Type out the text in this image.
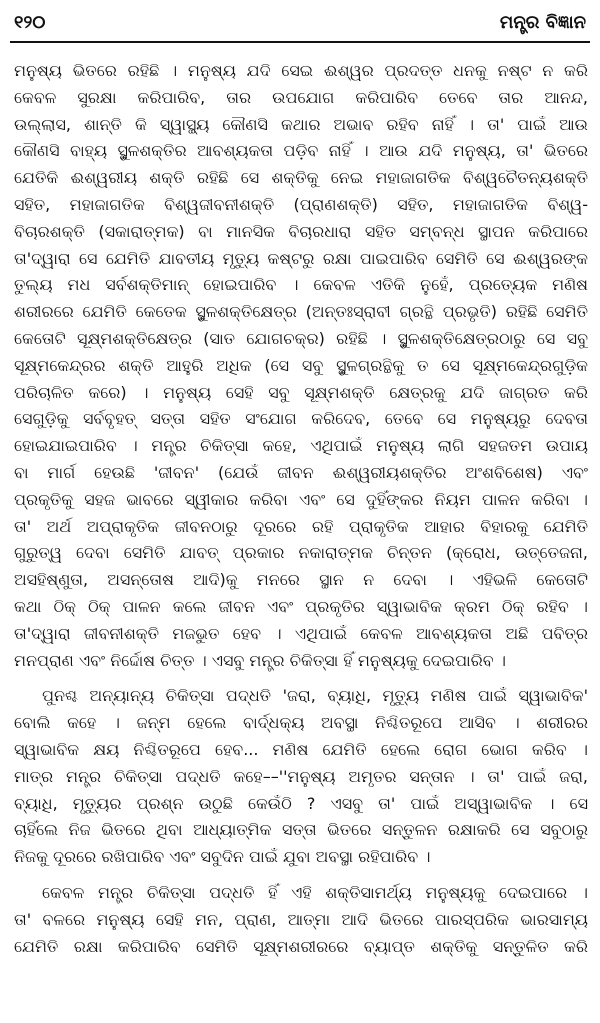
୧୨୦	ମନ୍ତ୍ର ବିଜ୍ଞାନ
ମନୁଷ୍ୟ ଭିତରେ ରହିଛି । ମନୁଷ୍ୟ ଯଦି ସେଇ ଈଶ୍ୱର ପ୍ରଦତ୍ତ ଧନକୁ ନଷ୍ଟ ନ କରି
କେବଳ ସୁରକ୍ଷା କରିପାରିବ, ତାର ଉପଯୋଗ କରିପାରିବ ତେବେ ତାର ଆନନ୍ଦ,
ଉଲ୍ଲାସ, ଶାନ୍ତି କି ସ୍ୱାସ୍ଥ୍ୟ କୌଣସି କଥାର ଅଭାବ ରହିବ ନାହିଁ । ତା' ପାଇଁ ଆଉ
କୌଣସି ବାହ୍ୟ ସ୍ଥୁଳଶକ୍ତିର ଆବଶ୍ୟକତା ପଡ଼ିବ ନାହିଁ । ଆଉ ଯଦି ମନୁଷ୍ୟ, ତା' ଭିତରେ
ଯେତିକି ଈଶ୍ୱରୀୟ ଶକ୍ତି ରହିଛି ସେ ଶକ୍ତିକୁ ନେଇ ମହାଜାଗତିକ ବିଶ୍ୱଚୈତନ୍ୟଶକ୍ତି
ସହିତ, ମହାଜାଗତିକ ବିଶ୍ୱଜୀବନୀଶକ୍ତି (ପ୍ରାଣଶକ୍ତି) ସହିତ, ମହାଜାଗତିକ ବିଶ୍ୱ-
ବିଚାରଶକ୍ତି (ସକାରାତ୍ମକ) ବା ମାନସିକ ବିଚାରଧାରା ସହିତ ସମ୍ବନ୍ଧ ସ୍ଥାପନ କରିପାରେ
ତା'ଦ୍ୱାରା ସେ ଯେମିତି ଯାବତୀୟ ମୃତ୍ୟୁ କଷ୍ଟରୁ ରକ୍ଷା ପାଇପାରିବ ସେମିତି ସେ ଈଶ୍ୱରଙ୍କ
ତୁଲ୍ୟ ମଧ ସର୍ବଶକ୍ତିମାନ୍ ହୋଇପାରିବ । କେବଳ ଏତିକି ନୁହେଁ, ପ୍ରତ୍ୟେକ ମଣିଷ
ଶରୀରରେ ଯେମିତି କେତେକ ସ୍ଥୁଳଶକ୍ତିକ୍ଷେତ୍ର (ଅନ୍ତଃସ୍ରାବୀ ଗ୍ରନ୍ଥି ପ୍ରଭୃତି) ରହିଛି ସେମିତି
କେତୋଟି ସୂକ୍ଷ୍ମଶକ୍ତିକ୍ଷେତ୍ର (ସାତ ଯୋଗଚକ୍ର) ରହିଛି । ସ୍ଥୁଳଶକ୍ତିକ୍ଷେତ୍ରଠାରୁ ସେ ସବୁ
ସୂକ୍ଷ୍ମକେନ୍ଦ୍ରର ଶକ୍ତି ଆହୁରି ଅଧିକ (ସେ ସବୁ ସ୍ଥୁଳଗ୍ରନ୍ଥିକୁ ତ ସେ ସୂକ୍ଷ୍ମକେନ୍ଦ୍ରଗୁଡ଼ିକ
ପରିଚାଳିତ କରେ) । ମନୁଷ୍ୟ ସେହି ସବୁ ସୂକ୍ଷ୍ମଶକ୍ତି କ୍ଷେତ୍ରକୁ ଯଦି ଜାଗ୍ରତ କରି
ସେଗୁଡ଼ିକୁ ସର୍ବବୃହତ୍ ସତ୍ତା ସହିତ ସଂଯୋଗ କରିଦେବ, ତେବେ ସେ ମନୁଷ୍ୟରୁ ଦେବତା
ହୋଇଯାଇପାରିବ । ମନ୍ତ୍ର ଚିକିତ୍ସା କହେ, ଏଥିପାଇଁ ମନୁଷ୍ୟ ଲାଗି ସହଜତମ ଉପାୟ
ବା ମାର୍ଗ ହେଉଛି 'ଜୀବନ' (ଯେଉଁ ଜୀବନ ଈଶ୍ୱରୀୟଶକ୍ତିର ଅଂଶବିଶେଷ) ଏବଂ
ପ୍ରକୃତିକୁ ସହଜ ଭାବରେ ସ୍ୱୀକାର କରିବା ଏବଂ ସେ ଦୁହିଁଙ୍କର ନିୟମ ପାଳନ କରିବା ।
ତା' ଅର୍ଥ ଅପ୍ରାକୃତିକ ଜୀବନଠାରୁ ଦୂରରେ ରହି ପ୍ରାକୃତିକ ଆହାର ବିହାରକୁ ଯେମିତି
ଗୁରୁତ୍ୱ ଦେବା ସେମିତି ଯାବତ୍ ପ୍ରକାର ନକାରାତ୍ମକ ଚିନ୍ତନ (କ୍ରୋଧ, ଉତ୍ତେଜନା,
ଅସହିଷ୍ଣୁତା, ଅସନ୍ତୋଷ ଆଦି)କୁ ମନରେ ସ୍ଥାନ ନ ଦେବା । ଏହିଭଳି କେତୋଟି
କଥା ଠିକ୍ ଠିକ୍ ପାଳନ କଲେ ଜୀବନ ଏବଂ ପ୍ରକୃତିର ସ୍ୱାଭାବିକ କ୍ରମ ଠିକ୍ ରହିବ ।
ତା'ଦ୍ୱାରା ଜୀବନୀଶକ୍ତି ମଜଭୁତ ହେବ । ଏଥିପାଇଁ କେବଳ ଆବଶ୍ୟକତା ଅଛି ପବିତ୍ର
ମନପ୍ରାଣ ଏବଂ ନିର୍ଦ୍ଦୋଷ ଚିତ୍ତ । ଏସବୁ ମନ୍ତ୍ର ଚିକିତ୍ସା ହିଁ ମନୁଷ୍ୟକୁ ଦେଇପାରିବ ।
ପୁନଶ୍ଚ ଅନ୍ୟାନ୍ୟ ଚିକିତ୍ସା ପଦ୍ଧତି 'ଜରା, ବ୍ୟାଧି, ମୃତ୍ୟୁ ମଣିଷ ପାଇଁ ସ୍ୱାଭାବିକ'
ବୋଲି କହେ । ଜନ୍ମ ହେଲେ ବାର୍ଦ୍ଧକ୍ୟ ଅବସ୍ଥା ନିଶ୍ଚିତରୂପେ ଆସିବ । ଶରୀରର
ସ୍ୱାଭାବିକ କ୍ଷୟ ନିଶ୍ଚିତରୂପେ ହେବ... ମଣିଷ ଯେମିତି ହେଲେ ରୋଗ ଭୋଗ କରିବ ।
ମାତ୍ର ମନ୍ତ୍ର ଚିକିତ୍ସା ପଦ୍ଧତି କହେ––''ମନୁଷ୍ୟ ଅମୃତର ସନ୍ତାନ । ତା' ପାଇଁ ଜରା,
ବ୍ୟାଧି, ମୃତ୍ୟୁର ପ୍ରଶ୍ନ ଉଠୁଛି କେଉଁଠି ? ଏସବୁ ତା' ପାଇଁ ଅସ୍ୱାଭାବିକ । ସେ
ଚାହିଁଲେ ନିଜ ଭିତରେ ଥିବା ଆଧ୍ୟାତ୍ମିକ ସତ୍ତା ଭିତରେ ସନ୍ତୁଳନ ରକ୍ଷାକରି ସେ ସବୁଠାରୁ
ନିଜକୁ ଦୂରରେ ରଖିପାରିବ ଏବଂ ସବୁଦିନ ପାଇଁ ଯୁବା ଅବସ୍ଥା ରହିପାରିବ ।
କେବଳ ମନ୍ତ୍ର ଚିକିତ୍ସା ପଦ୍ଧତି ହିଁ ଏହି ଶକ୍ତିସାମର୍ଥ୍ୟ ମନୁଷ୍ୟକୁ ଦେଇପାରେ ।
ତା' ବଳରେ ମନୁଷ୍ୟ ସେହି ମନ, ପ୍ରାଣ, ଆତ୍ମା ଆଦି ଭିତରେ ପାରସ୍ପରିକ ଭାରସାମ୍ୟ
ଯେମିତି ରକ୍ଷା କରିପାରିବ ସେମିତି ସୂକ୍ଷ୍ମଶରୀରରେ ବ୍ୟାପ୍ତ ଶକ୍ତିକୁ ସନ୍ତୁଳିତ କରି
